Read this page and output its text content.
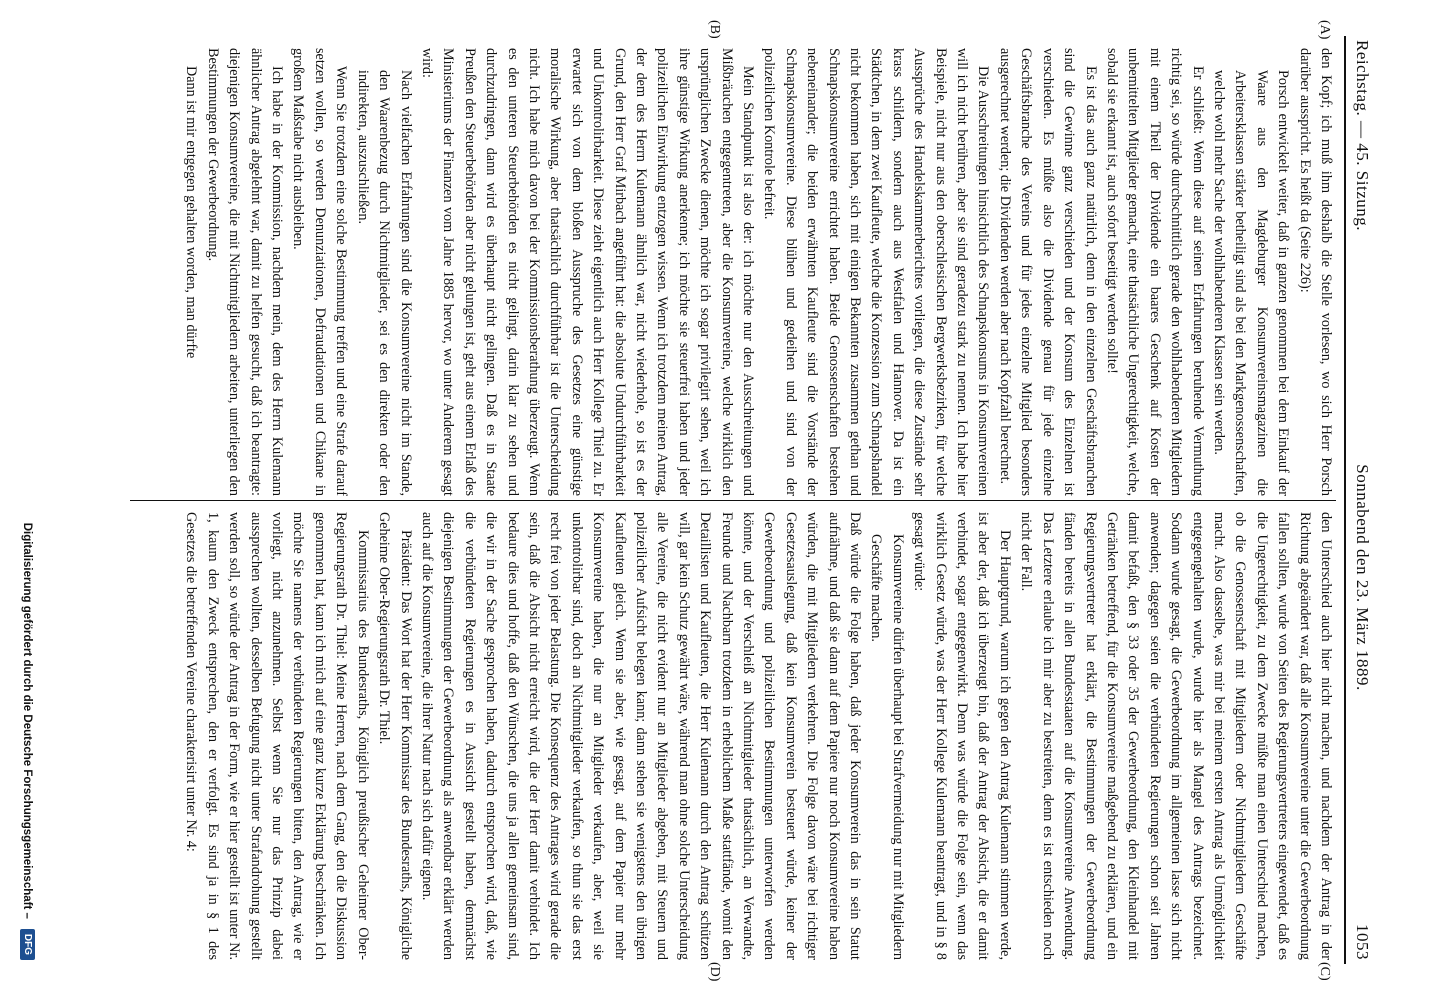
Reichstag. — 45. Sitzung.
Sonnabend den 23. März 1889.
1053
(A)
(B)
(C)
(D)

den Kopf; ich muß ihm deshalb die Stelle vorlesen, wo sich Herr Porsch darüber ausspricht. Es heißt da (Seite 226):

Porsch entwickelt weiter, daß in ganzen genommen bei dem Einkauf der Waare aus den Magdeburger Konsumvereinsmagazinen die Arbeitersklassen stärker betheiligt sind als bei den Markgenossenschaften, welche wohl mehr Sache der wohlhabenderen Klassen sein werden.

Er schließt: Wenn diese auf seinen Erfahrungen beruhende Vermuthung richtig sei, so würde durchschnittlich gerade den wohlhabenderen Mitgliedern mit einem Theil der Dividende ein baares Geschenk auf Kosten der unbemittelten Mitglieder gemacht, eine thatsächliche Ungerechtigkeit, welche, sobald sie erkannt ist, auch sofort beseitigt werden sollte!

Es ist das auch ganz natürlich, denn in den einzelnen Geschäftsbranchen sind die Gewinne ganz verschieden und der Konsum des Einzelnen ist verschieden. Es müßte also die Dividende genau für jede einzelne Geschäftsbranche des Vereins und für jedes einzelne Mitglied besonders ausgerechnet werden; die Dividenden werden aber nach Kopfzahl berechnet.

Die Ausschreitungen hinsichtlich des Schnapskonsums in Konsumvereinen will ich nicht berühren, aber sie sind geradezu stark zu nennen. Ich habe hier Beispiele, nicht nur aus den oberschlesischen Bergwerksbezirken, für welche Aussprüche des Handelskammerberichtes vorliegen, die diese Zustände sehr krass schildern, sondern auch aus Westfalen und Hannover. Da ist ein Städtchen, in dem zwei Kaufleute, welche die Konzession zum Schnapshandel nicht bekommen haben, sich mit einigen Bekannten zusammen gethan und Schnapskonsumvereine errichtet haben. Beide Genossenschaften bestehen nebeneinander; die beiden erwähnten Kaufleute sind die Vorstände der Schnapskonsumvereine. Diese blühen und gedeihen und sind von der polizeilichen Kontrole befreit.

Mein Standpunkt ist also der: ich möchte nur den Ausschreitungen und Mißbräuchen entgegentreten, aber die Konsumvereine, welche wirklich den ursprünglichen Zwecke dienen, möchte ich sogar privilegirt sehen, weil ich ihre günstige Wirkung anerkenne; ich möchte sie steuerfrei haben und jeder polizeilichen Einwirkung entzogen wissen. Wenn ich trotzdem meinen Antrag, der dem des Herrn Kulemann ähnlich war, nicht wiederhole, so ist es der Grund, den Herr Graf Mirbach angeführt hat: die absolute Undurchführbarkeit und Unkontrolirbarkeit. Diese zieht eigentlich auch Herr Kollege Thiel zu. Er erwartet sich von dem bloßen Ausspruche des Gesetzes eine günstige moralische Wirkung, aber thatsächlich durchführbar ist die Unterscheidung nicht. Ich habe mich davon bei der Kommissionsberathung überzeugt. Wenn es den unteren Steuerbehörden es nicht gelingt, darin klar zu sehen und durchzudringen, dann wird es überhaupt nicht gelingen. Daß es in Staate Preußen den Steuerbehörden aber nicht gelungen ist, geht aus einem Erlaß des Ministeriums der Finanzen vom Jahre 1885 hervor, wo unter Anderem gesagt wird:

Nach vielfachen Erfahrungen sind die Konsumvereine nicht im Stande, den Waarenbezug durch Nichtmitglieder, sei es den direkten oder den indirekten, auszuschließen.

Wenn Sie trotzdem eine solche Bestimmung treffen und eine Strafe darauf setzen wollen, so werden Denunziationen, Defraudationen und Chikane in großem Maßstabe nicht ausbleiben.

Ich habe in der Kommission, nachdem mein, dem des Herrn Kulemann ähnlicher Antrag abgelehnt war, damit zu helfen gesucht, daß ich beantragte: diejenigen Konsumvereine, die mit Nichtmitgliedern arbeiten, unterliegen den Bestimmungen der Gewerbeordnung.

Dann ist mir entgegen gehalten worden, man dürfte

den Unterschied auch hier nicht machen, und nachdem der Antrag in der Richtung abgeändert war, daß alle Konsumvereine unter die Gewerbeordnung fallen sollten, wurde von Seiten des Regierungsvertreters eingewendet, daß es die Ungerechtigkeit, zu dem Zwecke müßte man einen Unterschied machen, ob die Genossenschaft mit Mitgliedern oder Nichtmitgliedern Geschäfte macht. Also dasselbe, was mir bei meinem ersten Antrag als Unmöglichkeit entgegengehalten wurde, wurde hier als Mangel des Antrags bezeichnet. Sodann wurde gesagt, die Gewerbeordnung im allgemeinen lasse sich nicht anwenden; dagegen seien die verbündeten Regierungen schon seit Jahren damit befaßt, den § 33 oder 35 der Gewerbeordnung, den Kleinhandel mit Getränken betreffend, für die Konsumvereine maßgebend zu erklären, und ein Regierungsvertreter hat erklärt, die Bestimmungen der Gewerbeordnung fänden bereits in allen Bundesstaaten auf die Konsumvereine Anwendung. Das Letztere erlaube ich mir aber zu bestreiten, denn es ist entschieden noch nicht der Fall.

Der Hauptgrund, warum ich gegen den Antrag Kulemann stimmen werde, ist aber der, daß ich überzeugt bin, daß der Antrag der Absicht, die er damit verbindet, sogar entgegenwirkt. Denn was würde die Folge sein, wenn das wirklich Gesetz würde, was der Herr Kollege Kulemann beantragt, und in § 8 gesagt würde:

Konsumvereine dürfen überhaupt bei Strafvermeidung nur mit Mitgliedern Geschäfte machen.

Daß würde die Folge haben, daß jeder Konsumverein das in sein Statut aufnähme, und daß sie dann auf dem Papiere nur noch Konsumvereine haben würden, die mit Mitgliedern verkehren. Die Folge davon wäre bei richtiger Gesetzesauslegung, daß kein Konsumverein besteuert würde, keiner der Gewerbeordnung und polizeilichen Bestimmungen unterworfen werden könnte, und der Verschleiß an Nichtmitglieder thatsächlich, an Verwandte, Freunde und Nachbarn trotzdem in erheblichem Maße stattfände, womit den Detaillisten und Kaufleuten, die Herr Kulemann durch den Antrag schützen will, gar kein Schutz gewährt wäre, während man ohne solche Unterscheidung alle Vereine, die nicht evident nur an Mitglieder abgeben, mit Steuern und polizeilicher Aufsicht belegen kann; dann stehen sie wenigstens den übrigen Kaufleuten gleich. Wenn sie aber, wie gesagt, auf dem Papier nur mehr Konsumvereine haben, die nur an Mitglieder verkaufen, aber, weil sie unkontrolirbar sind, doch an Nichtmitglieder verkaufen, so thun sie das erst recht frei von jeder Belastung. Die Konsequenz des Antrages wird gerade die sein, daß die Absicht nicht erreicht wird, die der Herr damit verbindet. Ich bedaure dies und hoffe, daß den Wünschen, die uns ja allen gemeinsam sind, die wir in der Sache gesprochen haben, dadurch entsprochen wird, daß, wie die verbündeten Regierungen es in Aussicht gestellt haben, demnächst diejenigen Bestimmungen der Gewerbeordnung als anwendbar erklärt werden auch auf die Konsumvereine, die ihrer Natur nach sich dafür eignen.

Präsident: Das Wort hat der Herr Kommissar des Bundesraths, Königliche Geheime Ober-Regierungsrath Dr. Thiel.

Kommissarius des Bundesraths, Königlich preußischer Geheimer Ober-Regierungsrath Dr. Thiel: Meine Herren, nach dem Gang, den die Diskussion genommen hat, kann ich mich auf eine ganz kurze Erklärung beschränken. Ich möchte Sie namens der verbündeten Regierungen bitten, den Antrag, wie er vorliegt, nicht anzunehmen. Selbst wenn Sie nur das Prinzip dabei aussprechen wollten, desselben Befugung nicht unter Strafandrohung gestellt werden soll, so würde der Antrag in der Form, wie er hier gestellt ist unter Nr. 1, kaum den Zweck entsprechen, den er verfolgt. Es sind ja in § 1 des Gesetzes die betreffenden Vereine charakterisirt unter Nr. 4:

Digitalisierung gefördert durch die Deutsche Forschungsgemeinschaft –
DFG
